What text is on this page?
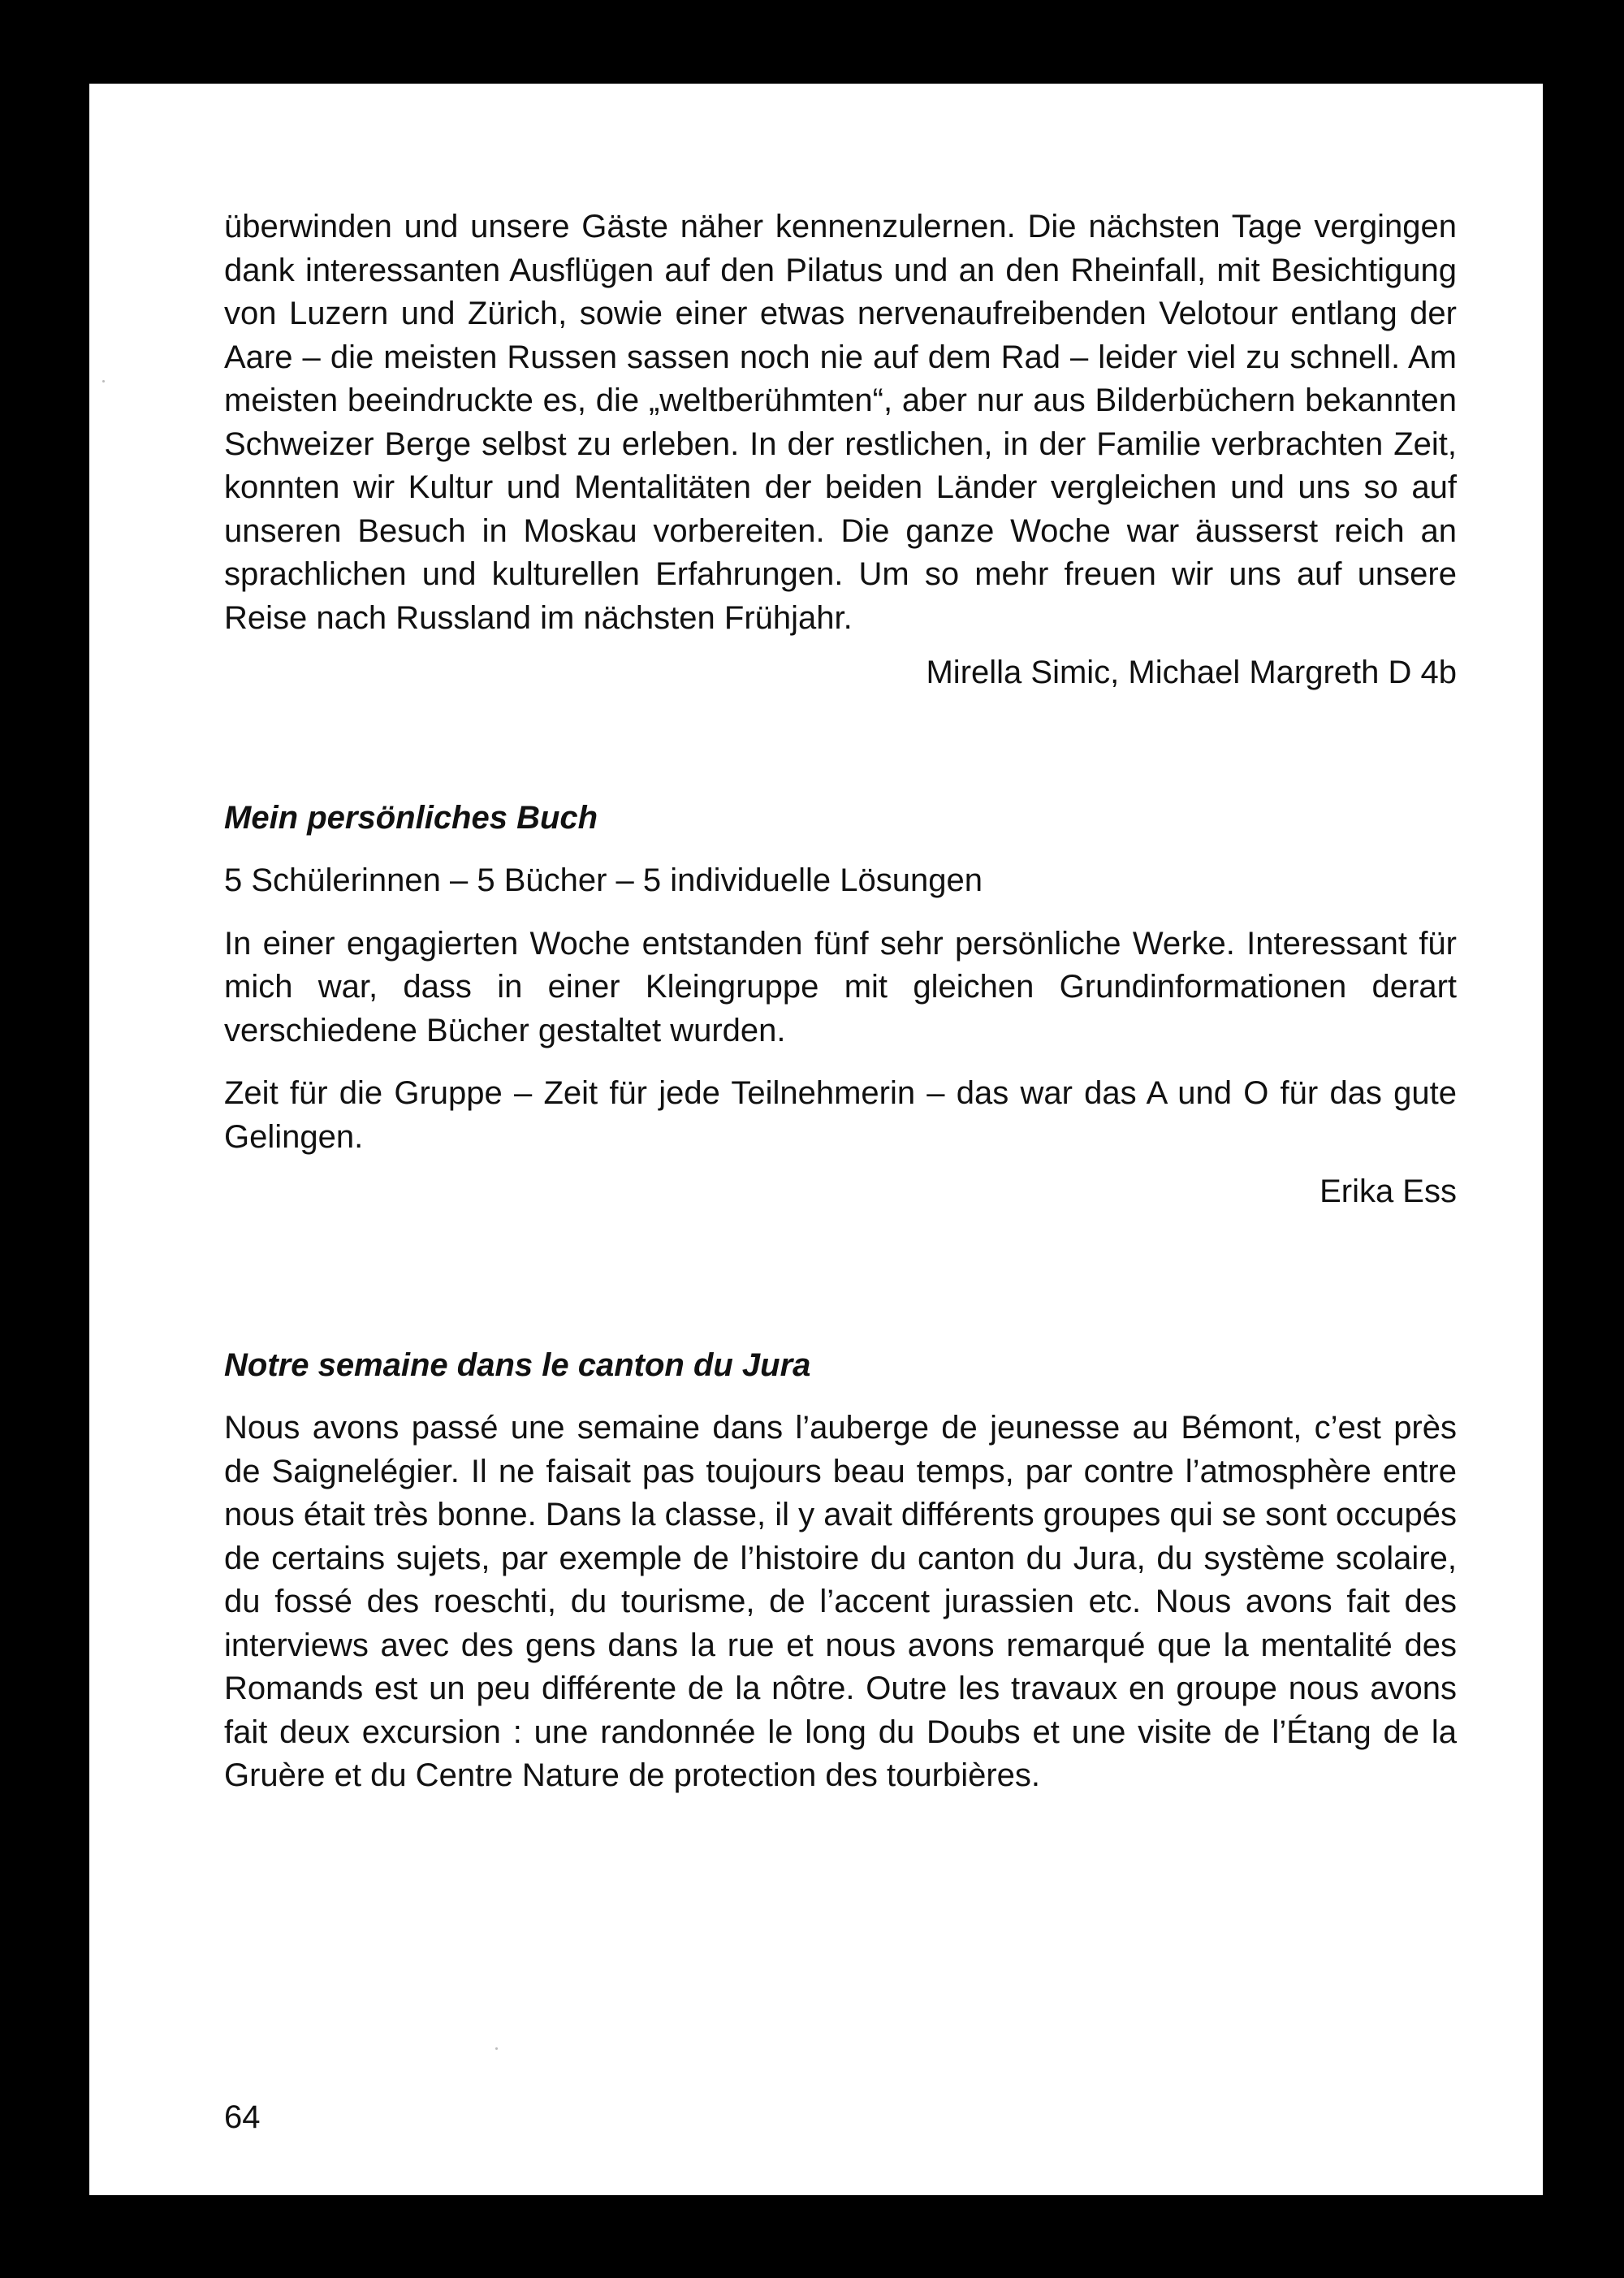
überwinden und unsere Gäste näher kennenzulernen. Die nächsten Tage vergingen dank interessanten Ausflügen auf den Pilatus und an den Rheinfall, mit Besichtigung von Luzern und Zürich, sowie einer etwas nervenaufreibenden Velotour entlang der Aare – die meisten Russen sassen noch nie auf dem Rad – leider viel zu schnell. Am meisten beeindruckte es, die „weltberühmten“, aber nur aus Bilderbüchern bekannten Schweizer Berge selbst zu erleben. In der restlichen, in der Familie verbrachten Zeit, konnten wir Kultur und Mentalitäten der beiden Länder vergleichen und uns so auf unseren Besuch in Moskau vorbereiten. Die ganze Woche war äusserst reich an sprachlichen und kulturellen Erfahrungen. Um so mehr freuen wir uns auf unsere Reise nach Russland im nächsten Frühjahr.

Mirella Simic, Michael Margreth D 4b

Mein persönliches Buch

5 Schülerinnen – 5 Bücher – 5 individuelle Lösungen

In einer engagierten Woche entstanden fünf sehr persönliche Werke. Interessant für mich war, dass in einer Kleingruppe mit gleichen Grundinformationen derart verschiedene Bücher gestaltet wurden.

Zeit für die Gruppe – Zeit für jede Teilnehmerin – das war das A und O für das gute Gelingen.

Erika Ess

Notre semaine dans le canton du Jura

Nous avons passé une semaine dans l’auberge de jeunesse au Bémont, c’est près de Saignelégier. Il ne faisait pas toujours beau temps, par contre l’atmosphère entre nous était très bonne. Dans la classe, il y avait différents groupes qui se sont occupés de certains sujets, par exemple de l’histoire du canton du Jura, du système scolaire, du fossé des roeschti, du tourisme, de l’accent jurassien etc. Nous avons fait des interviews avec des gens dans la rue et nous avons remarqué que la mentalité des Romands est un peu différente de la nôtre. Outre les travaux en groupe nous avons fait deux excursion : une randonnée le long du Doubs et une visite de l’Étang de la Gruère et du Centre Nature de protection des tourbières.

64
